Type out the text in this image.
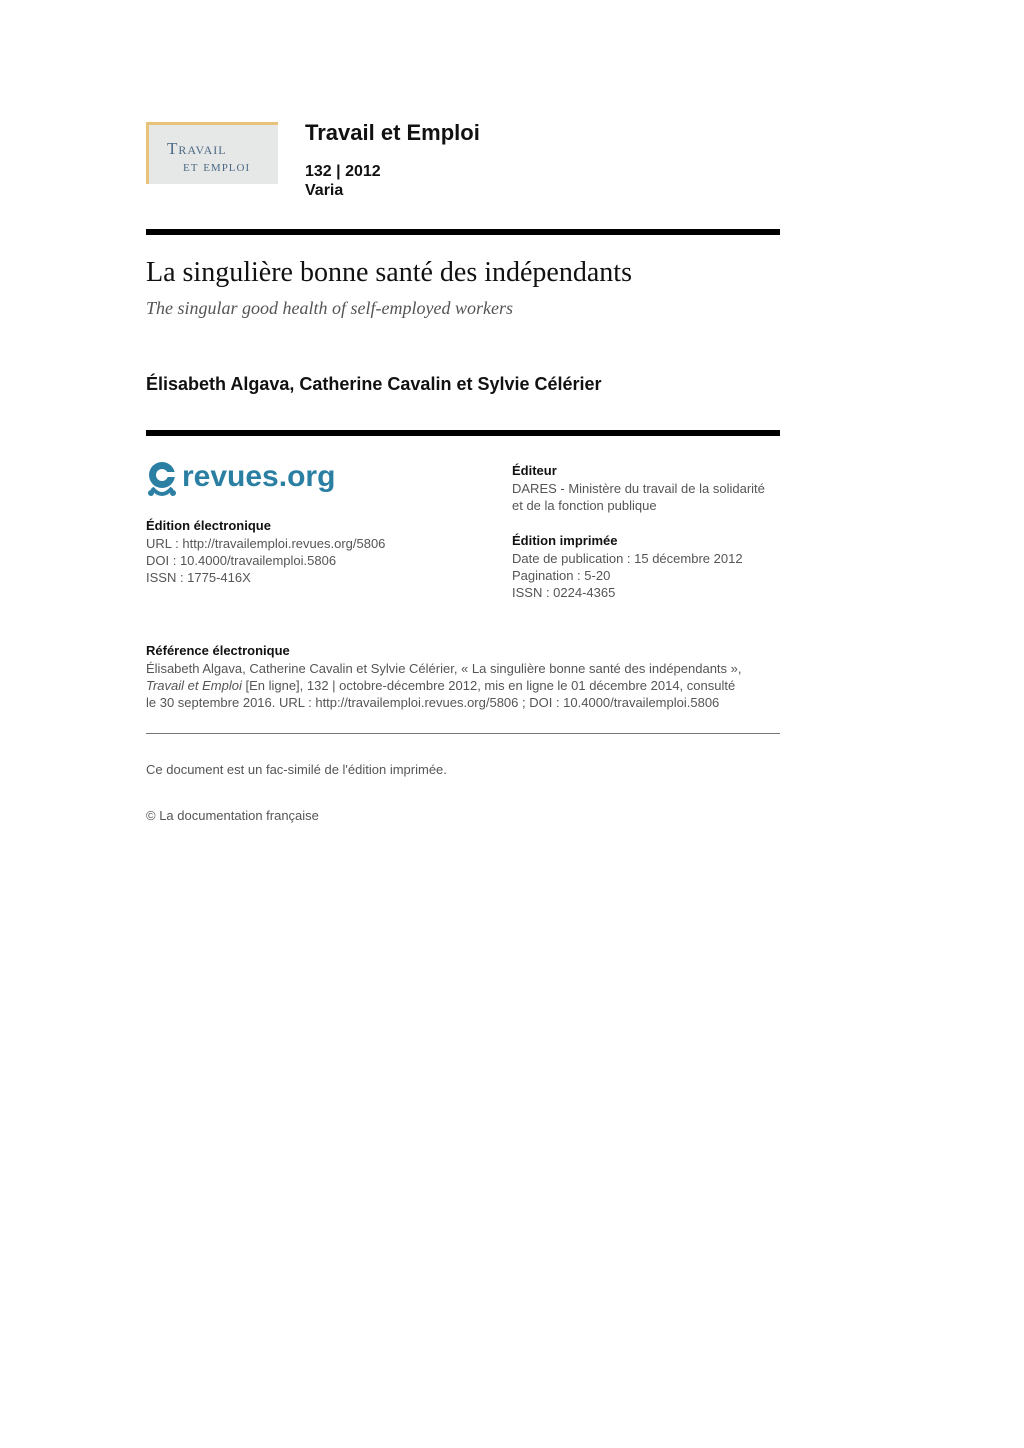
Travail
et emploi
Travail et Emploi
132 | 2012
Varia
La singulière bonne santé des indépendants
The singular good health of self-employed workers
Élisabeth Algava, Catherine Cavalin et Sylvie Célérier
revues.org
Édition électronique
URL : http://travailemploi.revues.org/5806
DOI : 10.4000/travailemploi.5806
ISSN : 1775-416X
Éditeur
DARES - Ministère du travail de la solidarité
et de la fonction publique
Édition imprimée
Date de publication : 15 décembre 2012
Pagination : 5-20
ISSN : 0224-4365
Référence électronique
Élisabeth Algava, Catherine Cavalin et Sylvie Célérier, « La singulière bonne santé des indépendants »,
Travail et Emploi [En ligne], 132 | octobre-décembre 2012, mis en ligne le 01 décembre 2014, consulté
le 30 septembre 2016. URL : http://travailemploi.revues.org/5806 ; DOI : 10.4000/travailemploi.5806
Ce document est un fac-similé de l'édition imprimée.
© La documentation française
